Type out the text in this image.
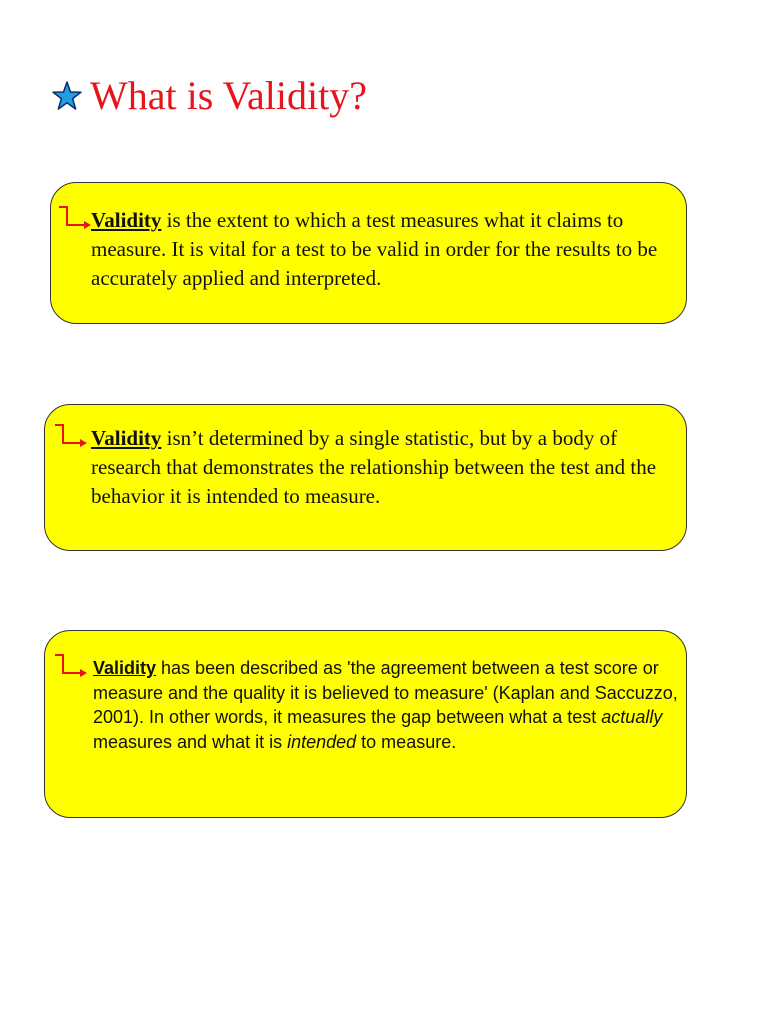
What is Validity?
Validity is the extent to which a test measures what it claims to measure. It is vital for a test to be valid in order for the results to be accurately applied and interpreted.
Validity isn’t determined by a single statistic, but by a body of research that demonstrates the relationship between the test and the behavior it is intended to measure.
Validity has been described as 'the agreement between a test score or measure and the quality it is believed to measure' (Kaplan and Saccuzzo, 2001). In other words, it measures the gap between what a test actually measures and what it is intended to measure.
